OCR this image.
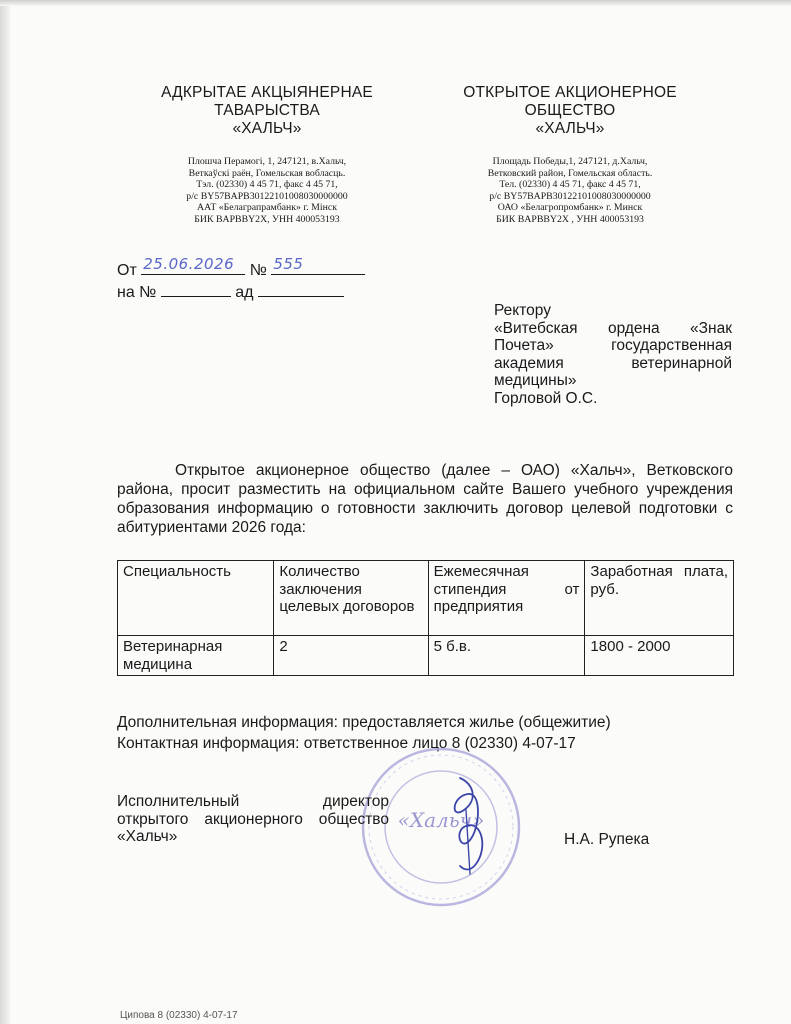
АДКРЫТАЕ АКЦЫЯНЕРНАЕ
ТАВАРЫСТВА
«ХАЛЬЧ»
Плошча Перамогі, 1, 247121, в.Хальч,
Веткаўскі раён, Гомельская вобласць.
Тэл. (02330) 4 45 71, факс 4 45 71,
р/с BY57BAPB30122101008030000000
ААТ «Белаграпрамбанк» г. Мінск
БИК BAPBBY2X, УНН 400053193
ОТКРЫТОЕ АКЦИОНЕРНОЕ
ОБЩЕСТВО
«ХАЛЬЧ»
Площадь Победы,1, 247121, д.Хальч,
Ветковский район, Гомельская область.
Тел. (02330) 4 45 71, факс 4 45 71,
р/с BY57BAPB30122101008030000000
ОАО «Белагропромбанк» г. Минск
БИК BAPBBY2X , УНН 400053193
От 25.06.2026 № 555
на №	ад
Ректору
«Витебская ордена «Знак
Почета» государственная
академия ветеринарной
медицины»
Горловой О.С.
Открытое акционерное общество (далее – ОАО) «Хальч», Ветковского района, просит разместить на официальном сайте Вашего учебного учреждения образования информацию о готовности заключить договор целевой подготовки с абитуриентами 2026 года:
Специальность	Количество заключения целевых договоров	Ежемесячная стипендия от предприятия	Заработная плата, руб.
Ветеринарная медицина	2	5 б.в.	1800 - 2000
Дополнительная информация: предоставляется жилье (общежитие)
Контактная информация: ответственное лицо 8 (02330) 4-07-17
«Хальч»
Исполнительный директор
открытого акционерного общество
«Хальч»	Н.А. Рупека
Ципова 8 (02330) 4-07-17
